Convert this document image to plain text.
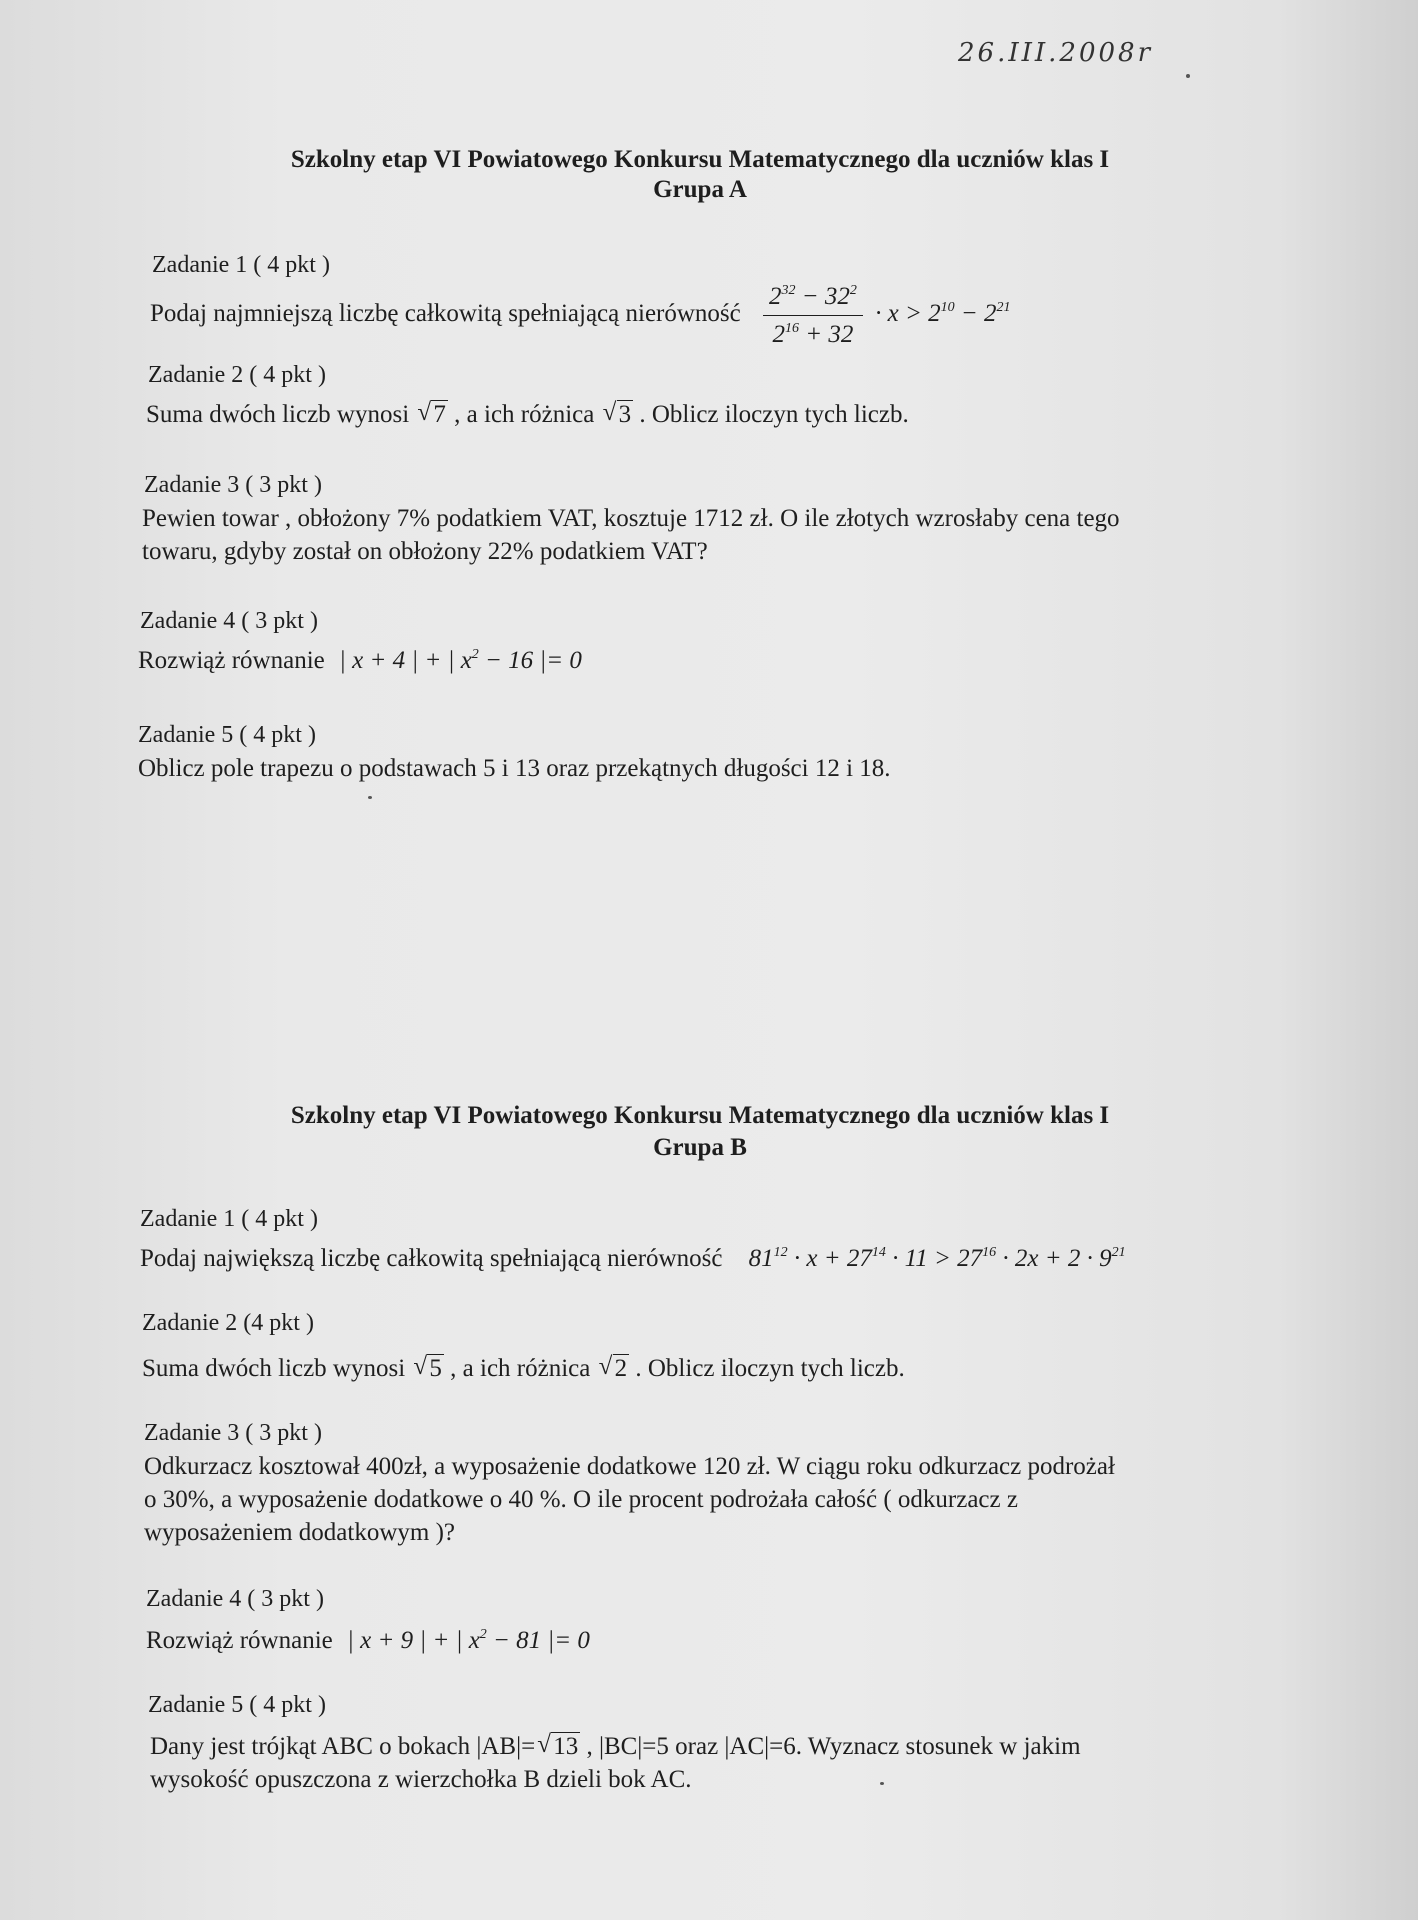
26.III.2008r
Szkolny etap VI Powiatowego Konkursu Matematycznego dla uczniów klas I
Grupa A
Zadanie 1 ( 4 pkt )
Podaj najmniejszą liczbę całkowitą spełniającą nierówność $\frac{2^{32} - 32^2}{2^{16} + 32} \cdot x > 2^{10} - 2^{21}$
Zadanie 2 ( 4 pkt )
Suma dwóch liczb wynosi √ 7 , a ich różnica √ 3 . Oblicz iloczyn tych liczb.
Zadanie 3 ( 3 pkt )
Pewien towar , obłożony 7% podatkiem VAT, kosztuje 1712 zł. O ile złotych wzrosłaby cena tego
towaru, gdyby został on obłożony 22% podatkiem VAT?
Zadanie 4 ( 3 pkt )
Rozwiąż równanie | x + 4 | + | $x^2 - 16$ |= 0
Zadanie 5 ( 4 pkt )
Oblicz pole trapezu o podstawach 5 i 13 oraz przekątnych długości 12 i 18.
Szkolny etap VI Powiatowego Konkursu Matematycznego dla uczniów klas I
Grupa B
Zadanie 1 ( 4 pkt )
Podaj największą liczbę całkowitą spełniającą nierówność $81^{12} \cdot x + 27^{14} \cdot 11 > 27^{16} \cdot 2x + 2 \cdot 9^{21}$
Zadanie 2 (4 pkt )
Suma dwóch liczb wynosi √ 5 , a ich różnica √ 2 . Oblicz iloczyn tych liczb.
Zadanie 3 ( 3 pkt )
Odkurzacz kosztował 400zł, a wyposażenie dodatkowe 120 zł. W ciągu roku odkurzacz podrożał
o 30%, a wyposażenie dodatkowe o 40 %. O ile procent podrożała całość ( odkurzacz z
wyposażeniem dodatkowym )?
Zadanie 4 ( 3 pkt )
Rozwiąż równanie | x + 9 | + | $x^2 - 81$ |= 0
Zadanie 5 ( 4 pkt )
Dany jest trójkąt ABC o bokach |AB|= √ 13 , |BC|=5 oraz |AC|=6. Wyznacz stosunek w jakim
wysokość opuszczona z wierzchołka B dzieli bok AC.
